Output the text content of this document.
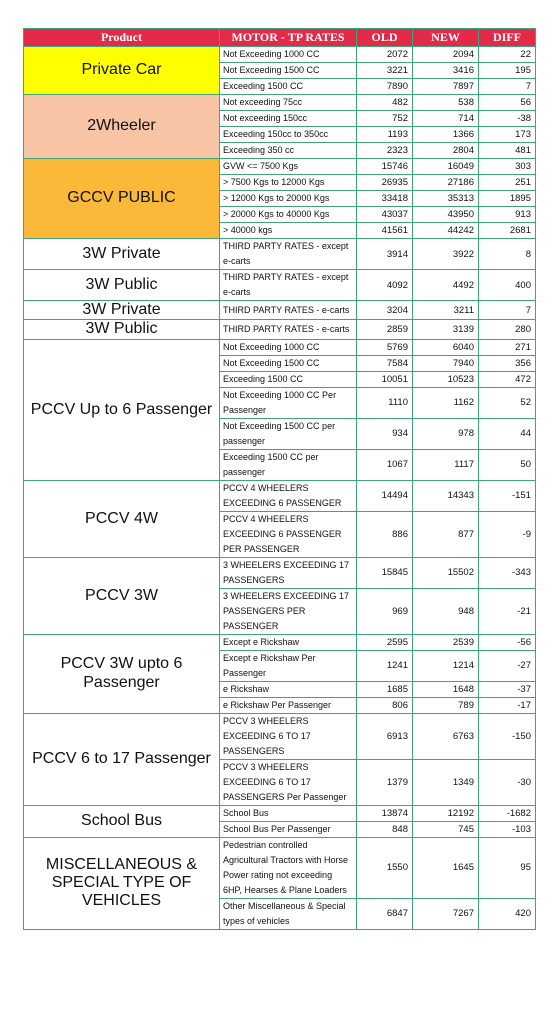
Product	MOTOR - TP RATES	OLD	NEW	DIFF
Private Car	Not Exceeding 1000 CC	2072	2094	22
	Not Exceeding 1500 CC	3221	3416	195
	Exceeding 1500 CC	7890	7897	7
2Wheeler	Not exceeding 75cc	482	538	56
	Not exceeding 150cc	752	714	-38
	Exceeding 150cc to 350cc	1193	1366	173
	Exceeding 350 cc	2323	2804	481
GCCV PUBLIC	GVW <= 7500 Kgs	15746	16049	303
	> 7500 Kgs to 12000 Kgs	26935	27186	251
	> 12000 Kgs to 20000 Kgs	33418	35313	1895
	> 20000 Kgs to 40000 Kgs	43037	43950	913
	> 40000 kgs	41561	44242	2681
3W Private	THIRD PARTY RATES - except e-carts	3914	3922	8
3W Public	THIRD PARTY RATES - except e-carts	4092	4492	400
3W Private	THIRD PARTY RATES - e-carts	3204	3211	7
3W Public	THIRD PARTY RATES - e-carts	2859	3139	280
PCCV Up to 6 Passenger	Not Exceeding 1000 CC	5769	6040	271
	Not Exceeding 1500 CC	7584	7940	356
	Exceeding 1500 CC	10051	10523	472
	Not Exceeding 1000 CC Per Passenger	1110	1162	52
	Not Exceeding 1500 CC per passenger	934	978	44
	Exceeding 1500 CC per passenger	1067	1117	50
PCCV 4W	PCCV 4 WHEELERS EXCEEDING 6 PASSENGER	14494	14343	-151
	PCCV 4 WHEELERS EXCEEDING 6 PASSENGER PER PASSENGER	886	877	-9
PCCV 3W	3 WHEELERS EXCEEDING 17 PASSENGERS	15845	15502	-343
	3 WHEELERS EXCEEDING 17 PASSENGERS PER PASSENGER	969	948	-21
PCCV 3W upto 6 Passenger	Except e Rickshaw	2595	2539	-56
	Except e Rickshaw Per Passenger	1241	1214	-27
	e Rickshaw	1685	1648	-37
	e Rickshaw Per Passenger	806	789	-17
PCCV 6 to 17 Passenger	PCCV 3 WHEELERS EXCEEDING 6 TO 17 PASSENGERS	6913	6763	-150
	PCCV 3 WHEELERS EXCEEDING 6 TO 17 PASSENGERS Per Passenger	1379	1349	-30
School Bus	School Bus	13874	12192	-1682
	School Bus Per Passenger	848	745	-103
MISCELLANEOUS & SPECIAL TYPE OF VEHICLES	Pedestrian controlled Agricultural Tractors with Horse Power rating not exceeding 6HP, Hearses & Plane Loaders	1550	1645	95
	Other Miscellaneous & Special types of vehicles	6847	7267	420
